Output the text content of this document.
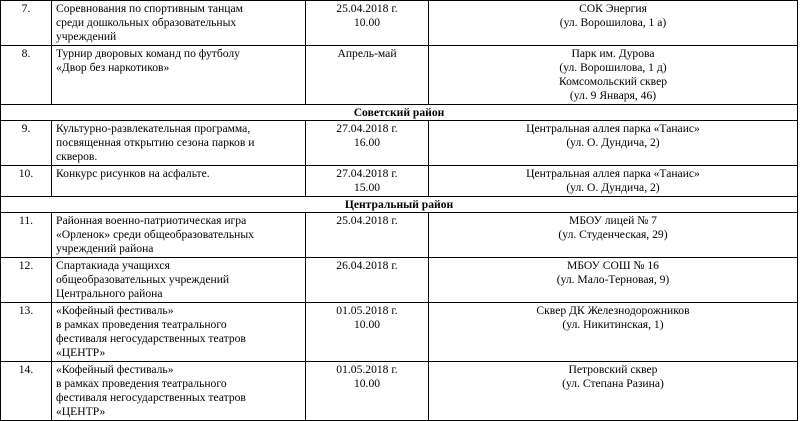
7.	Соревнования по спортивным танцам
среди дошкольных образовательных
учреждений	25.04.2018 г.
10.00	СОК Энергия
(ул. Ворошилова, 1 а)

8.	Турнир дворовых команд по футболу
«Двор без наркотиков»	Апрель-май	Парк им. Дурова
(ул. Ворошилова, 1 д)
Комсомольский сквер
(ул. 9 Января, 46)

Советский район			
9.	Культурно-развлекательная программа,
посвященная открытию сезона парков и
скверов.	27.04.2018 г.
16.00	Центральная аллея парка «Танаис»
(ул. О. Дундича, 2)

10.	Конкурс рисунков на асфальте.	27.04.2018 г.
15.00	Центральная аллея парка «Танаис»
(ул. О. Дундича, 2)

Центральный район			
11.	Районная военно-патриотическая игра
«Орленок» среди общеобразовательных
учреждений района	25.04.2018 г.	МБОУ лицей № 7
(ул. Студенческая, 29)

12.	Спартакиада учащихся
общеобразовательных учреждений
Центрального района	26.04.2018 г.	МБОУ СОШ № 16
(ул. Мало-Терновая, 9)

13.	«Кофейный фестиваль»
в рамках проведения театрального
фестиваля негосударственных театров
«ЦЕНТР»	01.05.2018 г.
10.00	Сквер ДК Железнодорожников
(ул. Никитинская, 1)

14.	«Кофейный фестиваль»
в рамках проведения театрального
фестиваля негосударственных театров
«ЦЕНТР»	01.05.2018 г.
10.00	Петровский сквер
(ул. Степана Разина)
